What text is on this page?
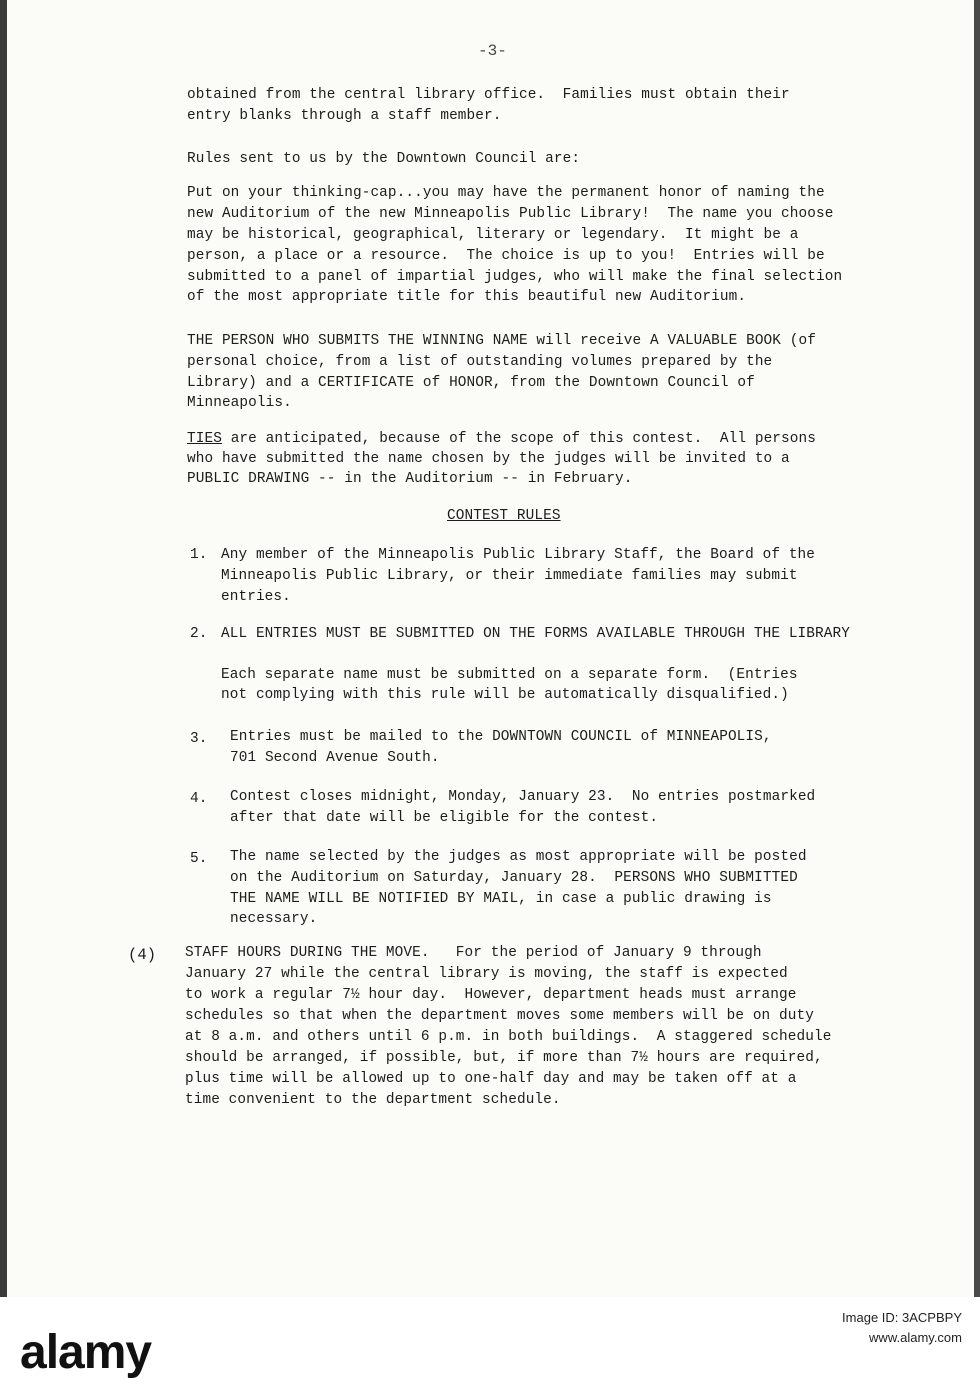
-3-
obtained from the central library office.  Families must obtain their
entry blanks through a staff member.
Rules sent to us by the Downtown Council are:
Put on your thinking-cap...you may have the permanent honor of naming the
new Auditorium of the new Minneapolis Public Library!  The name you choose
may be historical, geographical, literary or legendary.  It might be a
person, a place or a resource.  The choice is up to you!  Entries will be
submitted to a panel of impartial judges, who will make the final selection
of the most appropriate title for this beautiful new Auditorium.
THE PERSON WHO SUBMITS THE WINNING NAME will receive A VALUABLE BOOK (of
personal choice, from a list of outstanding volumes prepared by the
Library) and a CERTIFICATE of HONOR, from the Downtown Council of
Minneapolis.
TIES are anticipated, because of the scope of this contest.  All persons
who have submitted the name chosen by the judges will be invited to a
PUBLIC DRAWING -- in the Auditorium -- in February.
CONTEST RULES
1. Any member of the Minneapolis Public Library Staff, the Board of the
Minneapolis Public Library, or their immediate families may submit
entries.
2. ALL ENTRIES MUST BE SUBMITTED ON THE FORMS AVAILABLE THROUGH THE LIBRARY
Each separate name must be submitted on a separate form.  (Entries
not complying with this rule will be automatically disqualified.)
3. Entries must be mailed to the DOWNTOWN COUNCIL of MINNEAPOLIS,
701 Second Avenue South.
4. Contest closes midnight, Monday, January 23.  No entries postmarked
after that date will be eligible for the contest.
5. The name selected by the judges as most appropriate will be posted
on the Auditorium on Saturday, January 28.  PERSONS WHO SUBMITTED
THE NAME WILL BE NOTIFIED BY MAIL, in case a public drawing is
necessary.
(4) STAFF HOURS DURING THE MOVE.   For the period of January 9 through
January 27 while the central library is moving, the staff is expected
to work a regular 7½ hour day.  However, department heads must arrange
schedules so that when the department moves some members will be on duty
at 8 a.m. and others until 6 p.m. in both buildings.  A staggered schedule
should be arranged, if possible, but, if more than 7½ hours are required,
plus time will be allowed up to one-half day and may be taken off at a
time convenient to the department schedule.
alamy
Image ID: 3ACPBPY
www.alamy.com
